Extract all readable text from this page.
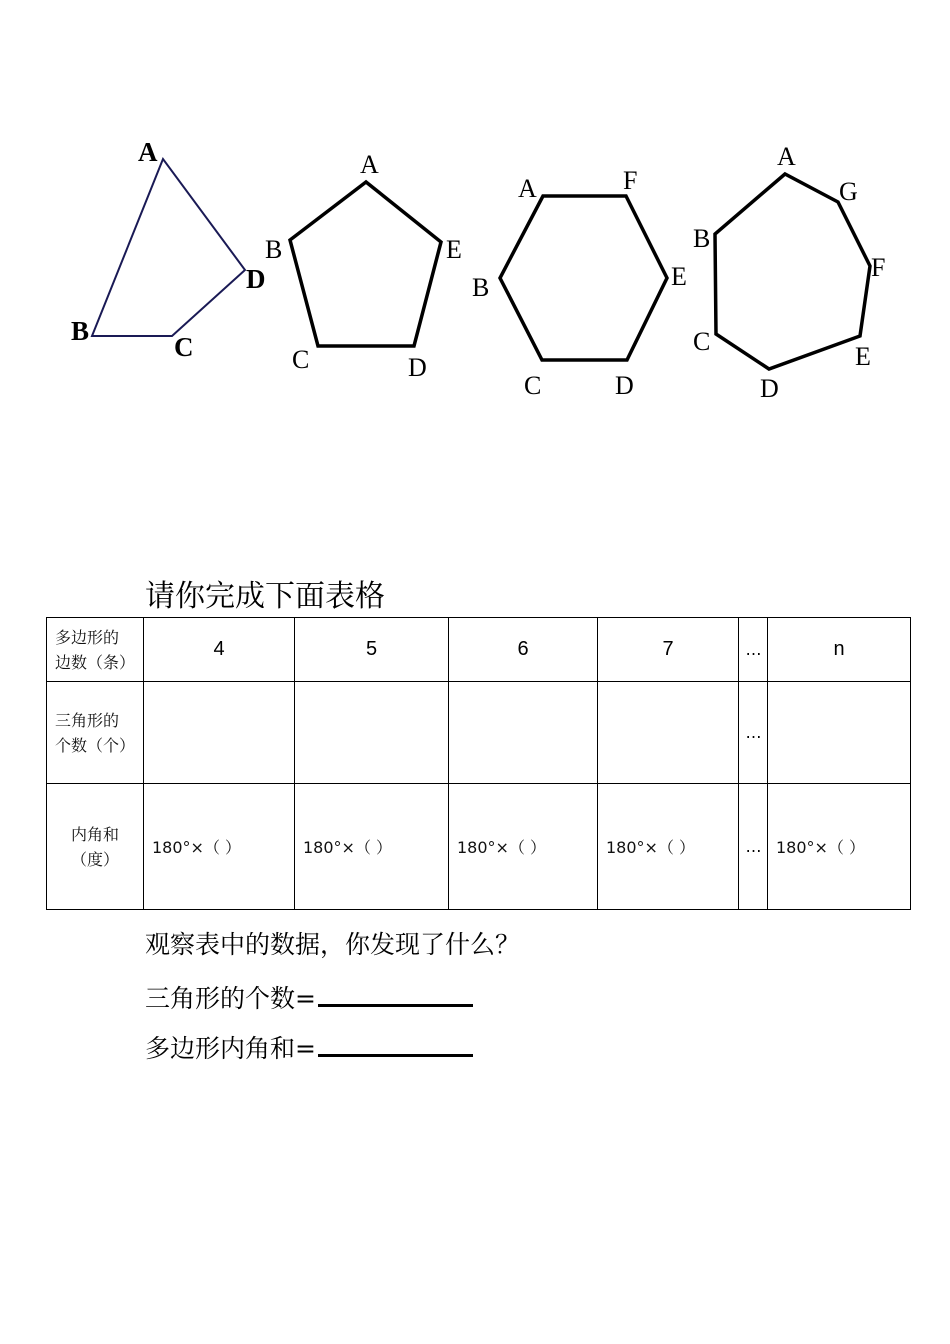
A
B
C
D
A
B
C	D
E
A
B
C	D
E
F
A
B
C
D
E
F
G
请你完成下面表格
多边形的
边数（条）	4	5	6	7	…	n

三角形的
个数（个）					…	

内角和
（度）	180°×（ ）	180°×（ ）	180°×（ ）	180°×（ ）	…	180°×（ ）
观察表中的数据，你发现了什么？
三角形的个数=
多边形内角和=
